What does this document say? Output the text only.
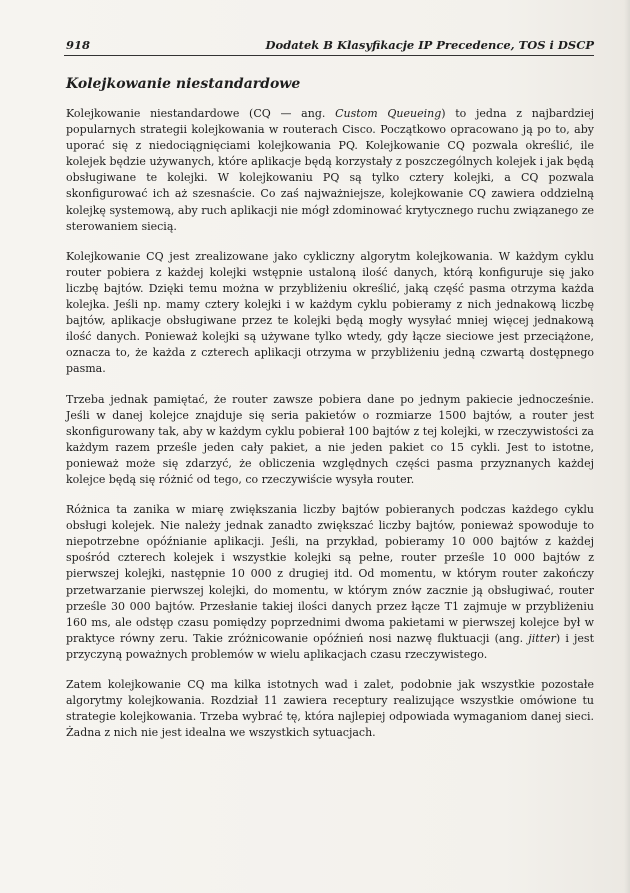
918	Dodatek B Klasyfikacje IP Precedence, TOS i DSCP
Kolejkowanie niestandardowe

Kolejkowanie niestandardowe (CQ — ang. Custom Queueing) to jedna z najbardziej popularnych strategii kolejkowania w routerach Cisco. Początkowo opracowano ją po to, aby uporać się z niedociągnięciami kolejkowania PQ. Kolejkowanie CQ pozwala określić, ile kolejek będzie używanych, które aplikacje będą korzystały z poszczególnych kolejek i jak będą obsługiwane te kolejki. W kolejkowaniu PQ są tylko cztery kolejki, a CQ pozwala skonfigurować ich aż szesnaście. Co zaś najważniejsze, kolejkowanie CQ zawiera oddzielną kolejkę systemową, aby ruch aplikacji nie mógł zdominować krytycznego ruchu związanego ze sterowaniem siecią.

Kolejkowanie CQ jest zrealizowane jako cykliczny algorytm kolejkowania. W każdym cyklu router pobiera z każdej kolejki wstępnie ustaloną ilość danych, którą konfiguruje się jako liczbę bajtów. Dzięki temu można w przybliżeniu określić, jaką część pasma otrzyma każda kolejka. Jeśli np. mamy cztery kolejki i w każdym cyklu pobieramy z nich jednakową liczbę bajtów, aplikacje obsługiwane przez te kolejki będą mogły wysyłać mniej więcej jednakową ilość danych. Ponieważ kolejki są używane tylko wtedy, gdy łącze sieciowe jest przeciążone, oznacza to, że każda z czterech aplikacji otrzyma w przybliżeniu jedną czwartą dostępnego pasma.

Trzeba jednak pamiętać, że router zawsze pobiera dane po jednym pakiecie jednocześnie. Jeśli w danej kolejce znajduje się seria pakietów o rozmiarze 1500 bajtów, a router jest skonfigurowany tak, aby w każdym cyklu pobierał 100 bajtów z tej kolejki, w rzeczywistości za każdym razem prześle jeden cały pakiet, a nie jeden pakiet co 15 cykli. Jest to istotne, ponieważ może się zdarzyć, że obliczenia względnych części pasma przyznanych każdej kolejce będą się różnić od tego, co rzeczywiście wysyła router.

Różnica ta zanika w miarę zwiększania liczby bajtów pobieranych podczas każdego cyklu obsługi kolejek. Nie należy jednak zanadto zwiększać liczby bajtów, ponieważ spowoduje to niepotrzebne opóźnianie aplikacji. Jeśli, na przykład, pobieramy 10 000 bajtów z każdej spośród czterech kolejek i wszystkie kolejki są pełne, router prześle 10 000 bajtów z pierwszej kolejki, następnie 10 000 z drugiej itd. Od momentu, w którym router zakończy przetwarzanie pierwszej kolejki, do momentu, w którym znów zacznie ją obsługiwać, router prześle 30 000 bajtów. Przesłanie takiej ilości danych przez łącze T1 zajmuje w przybliżeniu 160 ms, ale odstęp czasu pomiędzy poprzednimi dwoma pakietami w pierwszej kolejce był w praktyce równy zeru. Takie zróżnicowanie opóźnień nosi nazwę fluktuacji (ang. jitter) i jest przyczyną poważnych problemów w wielu aplikacjach czasu rzeczywistego.

Zatem kolejkowanie CQ ma kilka istotnych wad i zalet, podobnie jak wszystkie pozostałe algorytmy kolejkowania. Rozdział 11 zawiera receptury realizujące wszystkie omówione tu strategie kolejkowania. Trzeba wybrać tę, która najlepiej odpowiada wymaganiom danej sieci. Żadna z nich nie jest idealna we wszystkich sytuacjach.
